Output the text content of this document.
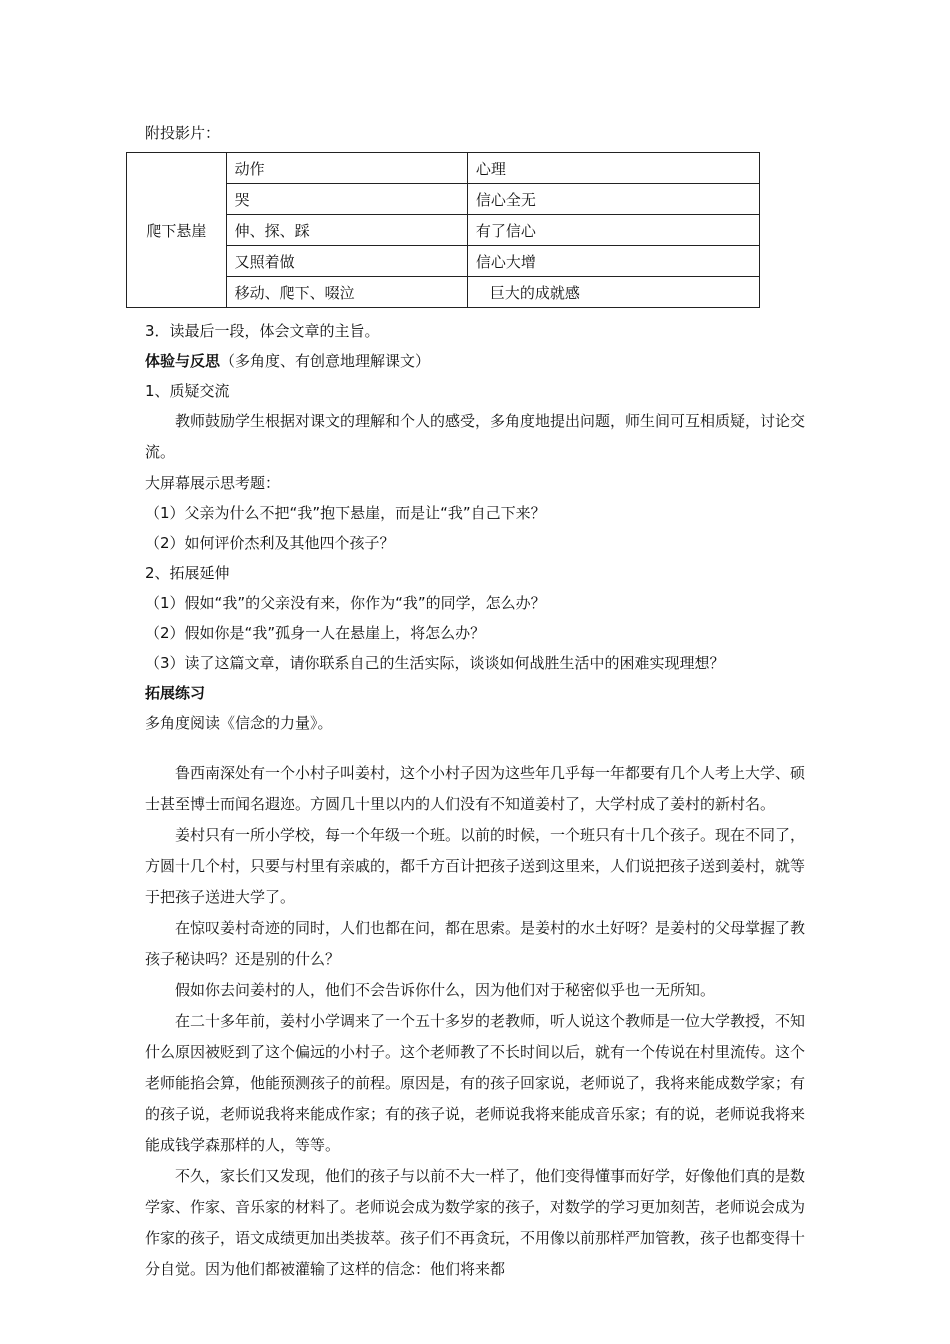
附投影片：
爬下悬崖	动作	心理
	哭	信心全无
	伸、探、踩	有了信心
	又照着做	信心大增
	移动、爬下、啜泣	巨大的成就感
3．读最后一段，体会文章的主旨。
体验与反思（多角度、有创意地理解课文）
1、质疑交流
教师鼓励学生根据对课文的理解和个人的感受，多角度地提出问题，师生间可互相质疑，讨论交流。
大屏幕展示思考题：
（1）父亲为什么不把“我”抱下悬崖，而是让“我”自己下来？
（2）如何评价杰利及其他四个孩子？
2、拓展延伸
（1）假如“我”的父亲没有来，你作为“我”的同学，怎么办？
（2）假如你是“我”孤身一人在悬崖上，将怎么办？
（3）读了这篇文章，请你联系自己的生活实际，谈谈如何战胜生活中的困难实现理想？
拓展练习
多角度阅读《信念的力量》。
鲁西南深处有一个小村子叫姜村，这个小村子因为这些年几乎每一年都要有几个人考上大学、硕士甚至博士而闻名遐迩。方圆几十里以内的人们没有不知道姜村了，大学村成了姜村的新村名。
姜村只有一所小学校，每一个年级一个班。以前的时候，一个班只有十几个孩子。现在不同了，方圆十几个村，只要与村里有亲戚的，都千方百计把孩子送到这里来，人们说把孩子送到姜村，就等于把孩子送进大学了。
在惊叹姜村奇迹的同时，人们也都在问，都在思索。是姜村的水土好呀？是姜村的父母掌握了教孩子秘诀吗？还是别的什么？
假如你去问姜村的人，他们不会告诉你什么，因为他们对于秘密似乎也一无所知。
在二十多年前，姜村小学调来了一个五十多岁的老教师，听人说这个教师是一位大学教授，不知什么原因被贬到了这个偏远的小村子。这个老师教了不长时间以后，就有一个传说在村里流传。这个老师能掐会算，他能预测孩子的前程。原因是，有的孩子回家说，老师说了，我将来能成数学家；有的孩子说，老师说我将来能成作家；有的孩子说，老师说我将来能成音乐家；有的说，老师说我将来能成钱学森那样的人，等等。
不久，家长们又发现，他们的孩子与以前不大一样了，他们变得懂事而好学，好像他们真的是数学家、作家、音乐家的材料了。老师说会成为数学家的孩子，对数学的学习更加刻苦，老师说会成为作家的孩子，语文成绩更加出类拔萃。孩子们不再贪玩，不用像以前那样严加管教，孩子也都变得十分自觉。因为他们都被灌输了这样的信念：他们将来都
